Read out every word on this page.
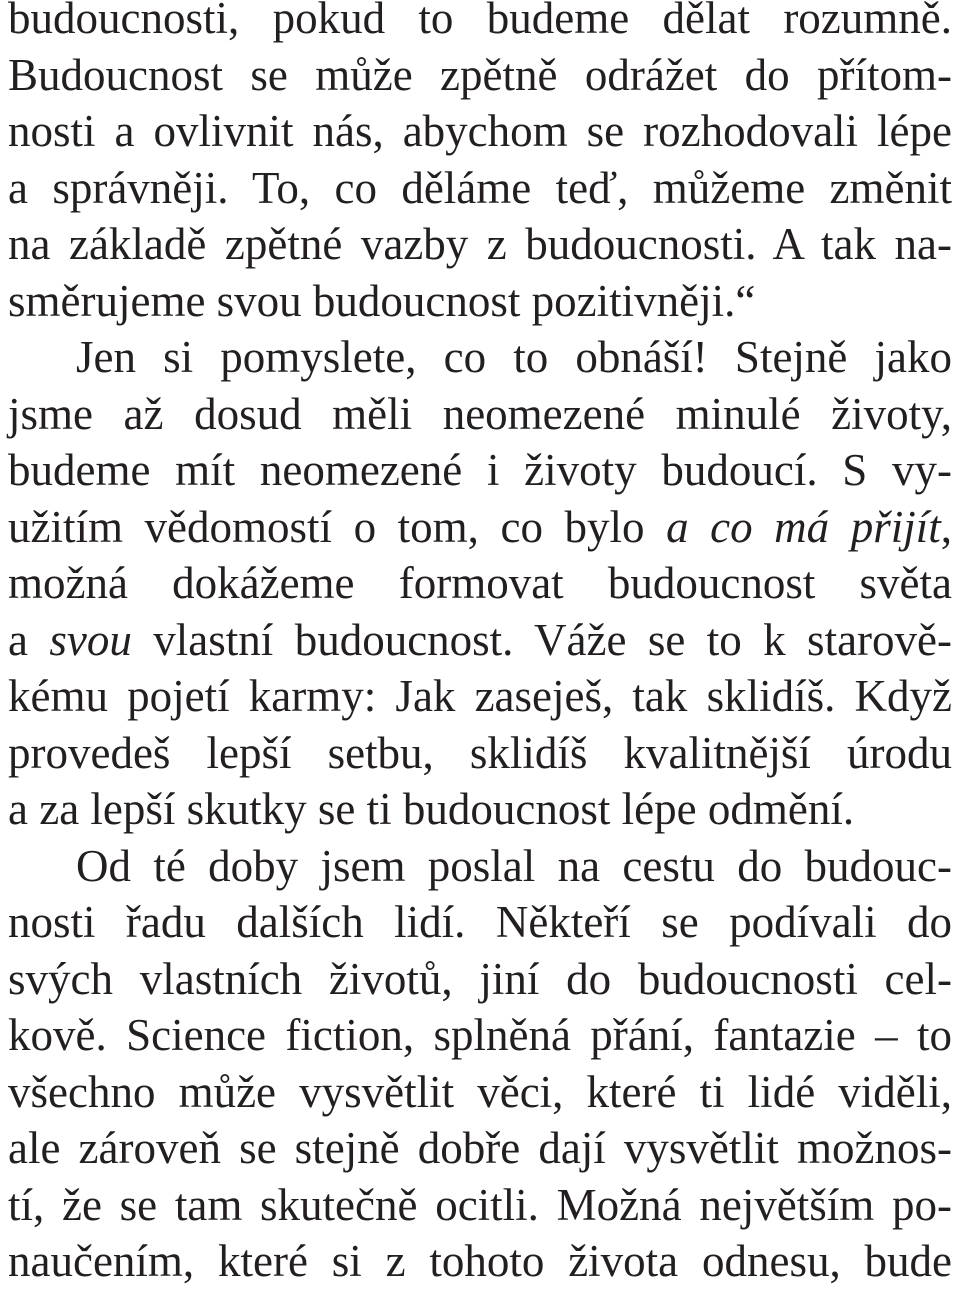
budoucnosti, pokud to budeme dělat rozumně.
Budoucnost se může zpětně odrážet do přítom-
nosti a ovlivnit nás, abychom se rozhodovali lépe
a správněji. To, co děláme teď, můžeme změnit
na základě zpětné vazby z budoucnosti. A tak na-
směrujeme svou budoucnost pozitivněji.“
Jen si pomyslete, co to obnáší! Stejně jako
jsme až dosud měli neomezené minulé životy,
budeme mít neomezené i životy budoucí. S vy-
užitím vědomostí o tom, co bylo a co má přijít,
možná dokážeme formovat budoucnost světa
a svou vlastní budoucnost. Váže se to k starově-
kému pojetí karmy: Jak zaseješ, tak sklidíš. Když
provedeš lepší setbu, sklidíš kvalitnější úrodu
a za lepší skutky se ti budoucnost lépe odmění.
Od té doby jsem poslal na cestu do budouc-
nosti řadu dalších lidí. Někteří se podívali do
svých vlastních životů, jiní do budoucnosti cel-
kově. Science fiction, splněná přání, fantazie – to
všechno může vysvětlit věci, které ti lidé viděli,
ale zároveň se stejně dobře dají vysvětlit možnos-
tí, že se tam skutečně ocitli. Možná největším po-
naučením, které si z tohoto života odnesu, bude
